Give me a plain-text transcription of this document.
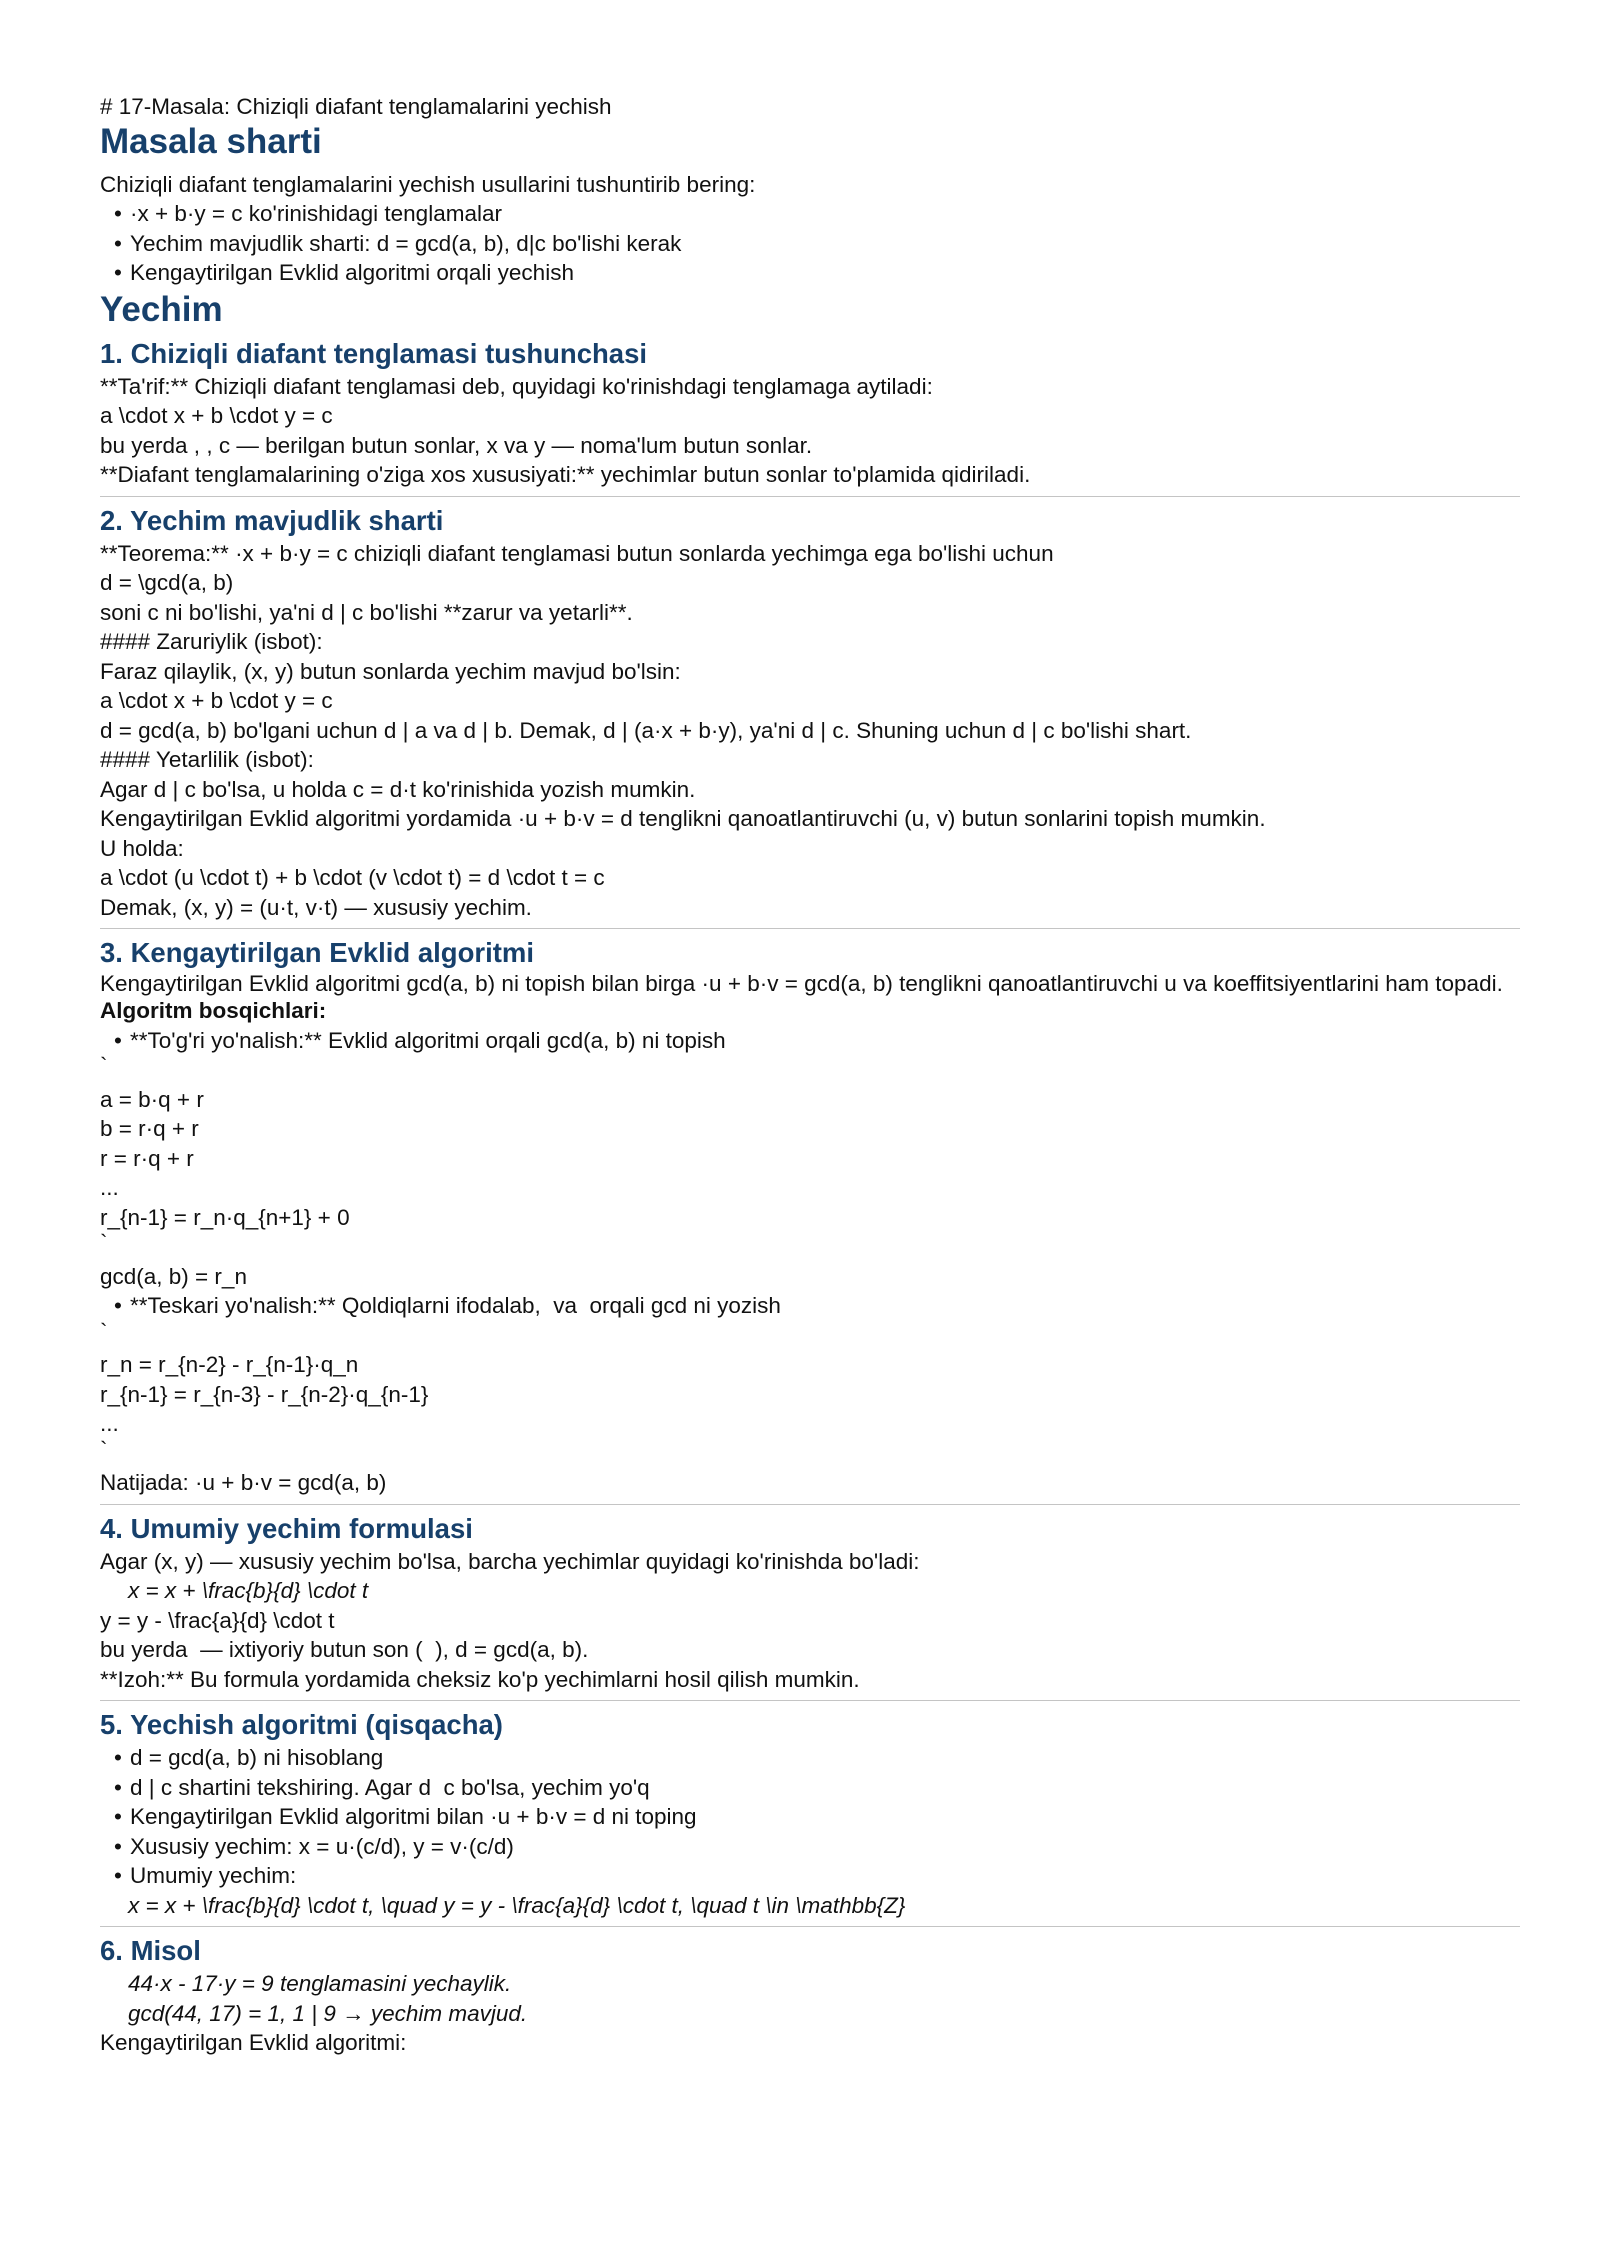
# 17-Masala: Chiziqli diafant tenglamalarini yechish
Masala sharti
Chiziqli diafant tenglamalarini yechish usullarini tushuntirib bering:
• ·x + b·y = c ko'rinishidagi tenglamalar
• Yechim mavjudlik sharti: d = gcd(a, b), d|c bo'lishi kerak
• Kengaytirilgan Evklid algoritmi orqali yechish
Yechim
1. Chiziqli diafant tenglamasi tushunchasi
**Ta'rif:** Chiziqli diafant tenglamasi deb, quyidagi ko'rinishdagi tenglamaga aytiladi:
a \cdot x + b \cdot y = c
bu yerda , , c — berilgan butun sonlar, x va y — noma'lum butun sonlar.
**Diafant tenglamalarining o'ziga xos xususiyati:** yechimlar butun sonlar to'plamida qidiriladi.
2. Yechim mavjudlik sharti
**Teorema:** ·x + b·y = c chiziqli diafant tenglamasi butun sonlarda yechimga ega bo'lishi uchun
d = \gcd(a, b)
soni c ni bo'lishi, ya'ni d | c bo'lishi **zarur va yetarli**.
#### Zaruriylik (isbot):
Faraz qilaylik, (x, y) butun sonlarda yechim mavjud bo'lsin:
a \cdot x + b \cdot y = c
d = gcd(a, b) bo'lgani uchun d | a va d | b. Demak, d | (a·x + b·y), ya'ni d | c. Shuning uchun d | c bo'lishi shart.
#### Yetarlilik (isbot):
Agar d | c bo'lsa, u holda c = d·t ko'rinishida yozish mumkin.
Kengaytirilgan Evklid algoritmi yordamida ·u + b·v = d tenglikni qanoatlantiruvchi (u, v) butun sonlarini topish mumkin.
U holda:
a \cdot (u \cdot t) + b \cdot (v \cdot t) = d \cdot t = c
Demak, (x, y) = (u·t, v·t) — xususiy yechim.
3. Kengaytirilgan Evklid algoritmi
Kengaytirilgan Evklid algoritmi gcd(a, b) ni topish bilan birga ·u + b·v = gcd(a, b) tenglikni qanoatlantiruvchi u va koeffitsiyentlarini ham topadi.
Algoritm bosqichlari:
• **To'g'ri yo'nalish:** Evklid algoritmi orqali gcd(a, b) ni topish
`
a = b·q + r
b = r·q + r
r = r·q + r
...
r_{n-1} = r_n·q_{n+1} + 0
`
gcd(a, b) = r_n
• **Teskari yo'nalish:** Qoldiqlarni ifodalab,  va  orqali gcd ni yozish
`
r_n = r_{n-2} - r_{n-1}·q_n
r_{n-1} = r_{n-3} - r_{n-2}·q_{n-1}
...
`
Natijada: ·u + b·v = gcd(a, b)
4. Umumiy yechim formulasi
Agar (x, y) — xususiy yechim bo'lsa, barcha yechimlar quyidagi ko'rinishda bo'ladi:
x = x + \frac{b}{d} \cdot t
y = y - \frac{a}{d} \cdot t
bu yerda  — ixtiyoriy butun son (  ), d = gcd(a, b).
**Izoh:** Bu formula yordamida cheksiz ko'p yechimlarni hosil qilish mumkin.
5. Yechish algoritmi (qisqacha)
• d = gcd(a, b) ni hisoblang
• d | c shartini tekshiring. Agar d  c bo'lsa, yechim yo'q
• Kengaytirilgan Evklid algoritmi bilan ·u + b·v = d ni toping
• Xususiy yechim: x = u·(c/d), y = v·(c/d)
• Umumiy yechim:
x = x + \frac{b}{d} \cdot t, \quad y = y - \frac{a}{d} \cdot t, \quad t \in \mathbb{Z}
6. Misol
44·x - 17·y = 9 tenglamasini yechaylik.
gcd(44, 17) = 1, 1 | 9 → yechim mavjud.
Kengaytirilgan Evklid algoritmi:
